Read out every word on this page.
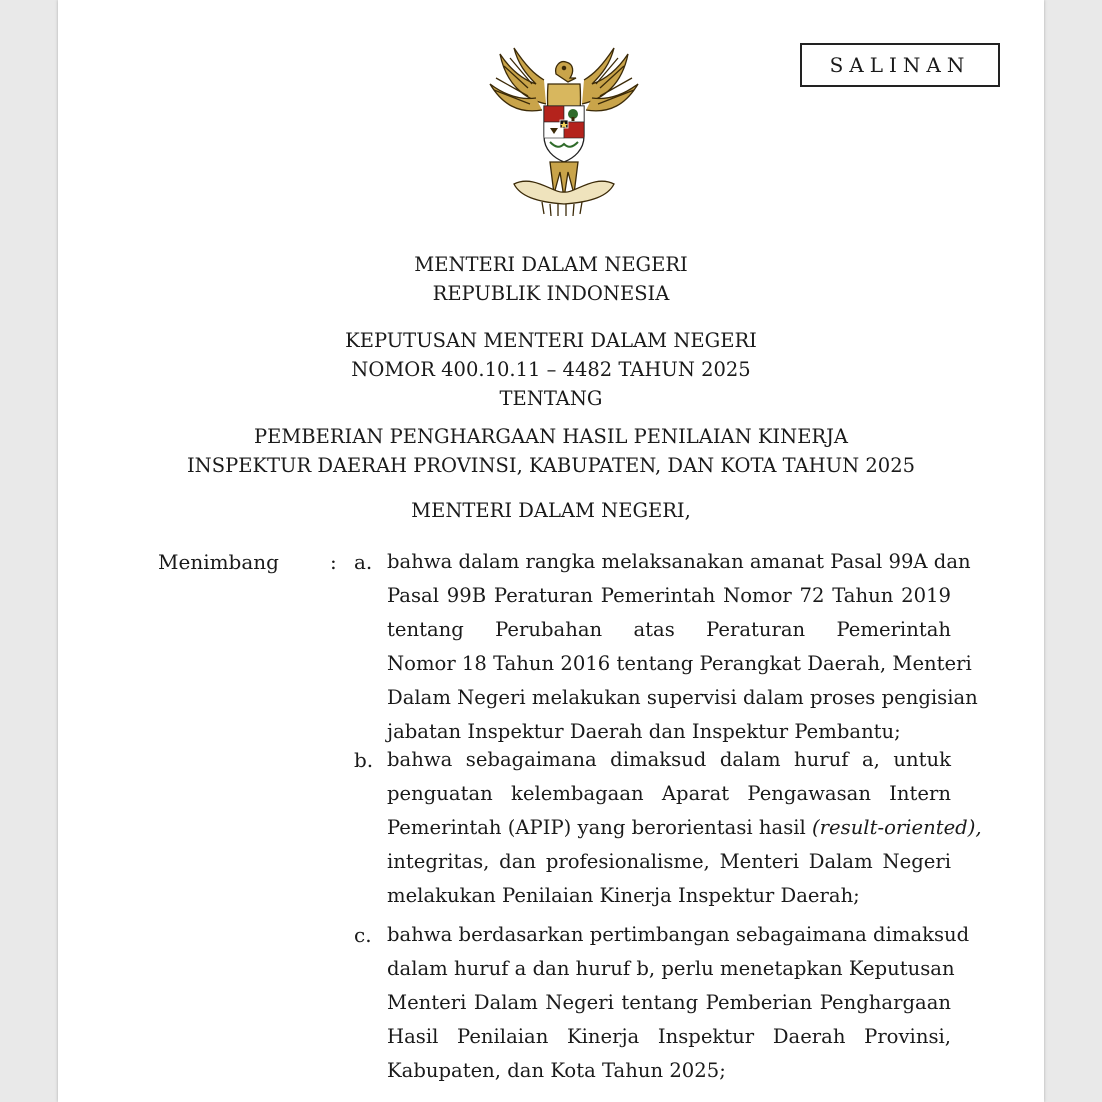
SALINAN
MENTERI DALAM NEGERI
REPUBLIK INDONESIA
KEPUTUSAN MENTERI DALAM NEGERI
NOMOR 400.10.11 – 4482 TAHUN 2025
TENTANG
PEMBERIAN PENGHARGAAN HASIL PENILAIAN KINERJA
INSPEKTUR DAERAH PROVINSI, KABUPATEN, DAN KOTA TAHUN 2025
MENTERI DALAM NEGERI,
Menimbang	: a. bahwa dalam rangka melaksanakan amanat Pasal 99A dan
Pasal 99B Peraturan Pemerintah Nomor 72 Tahun 2019
tentang Perubahan atas Peraturan Pemerintah
Nomor 18 Tahun 2016 tentang Perangkat Daerah, Menteri
Dalam Negeri melakukan supervisi dalam proses pengisian
jabatan Inspektur Daerah dan Inspektur Pembantu;
b. bahwa sebagaimana dimaksud dalam huruf a, untuk
penguatan kelembagaan Aparat Pengawasan Intern
Pemerintah (APIP) yang berorientasi hasil (result-oriented),
integritas, dan profesionalisme, Menteri Dalam Negeri
melakukan Penilaian Kinerja Inspektur Daerah;
c. bahwa berdasarkan pertimbangan sebagaimana dimaksud
dalam huruf a dan huruf b, perlu menetapkan Keputusan
Menteri Dalam Negeri tentang Pemberian Penghargaan
Hasil Penilaian Kinerja Inspektur Daerah Provinsi,
Kabupaten, dan Kota Tahun 2025;
